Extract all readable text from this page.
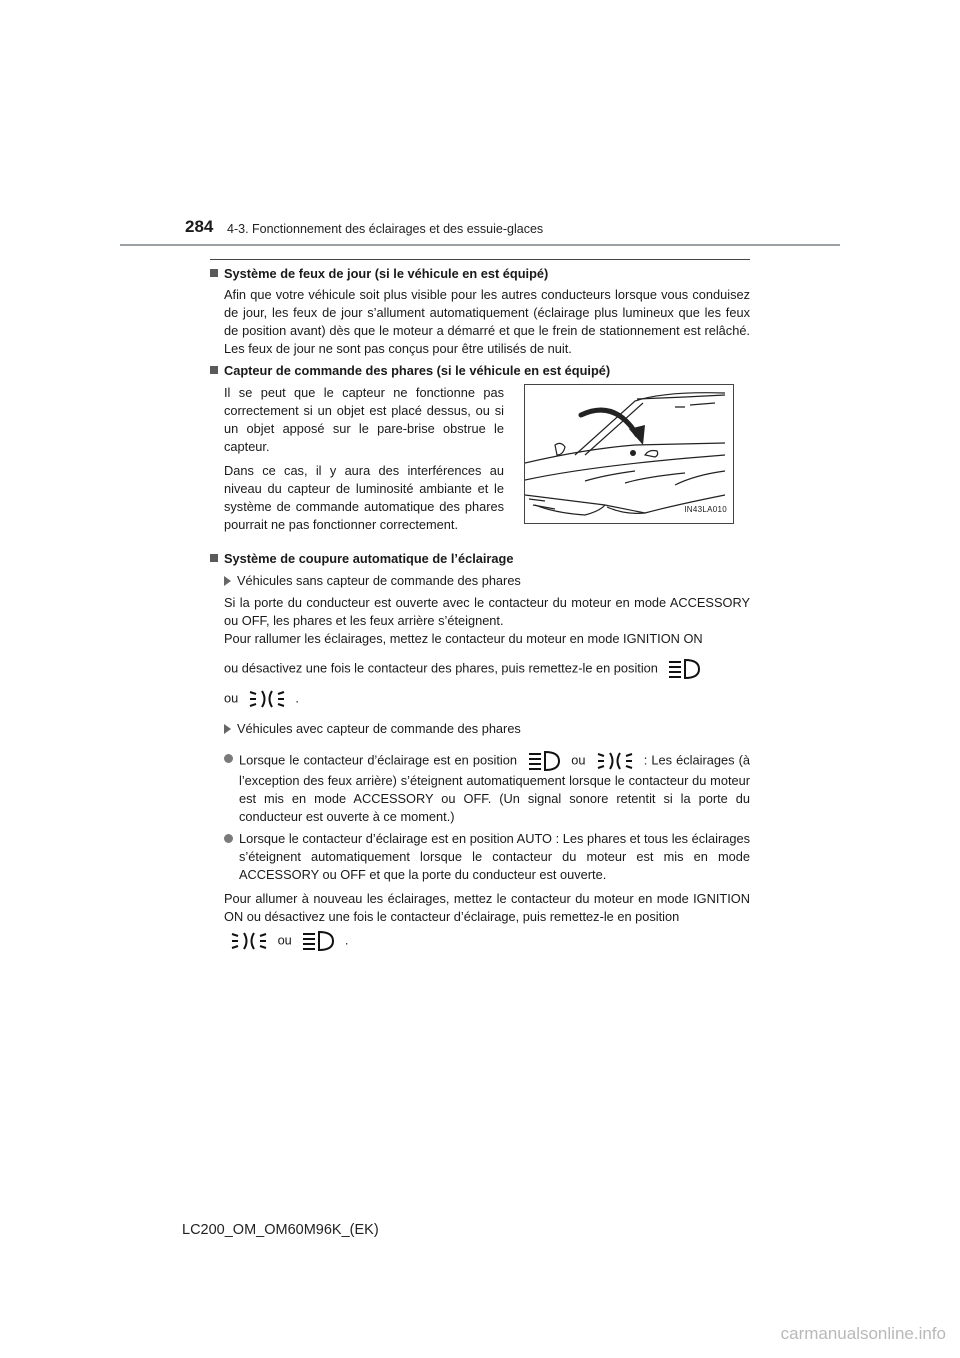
284 4-3. Fonctionnement des éclairages et des essuie-glaces
Système de feux de jour (si le véhicule en est équipé)

Afin que votre véhicule soit plus visible pour les autres conducteurs lorsque vous conduisez de jour, les feux de jour s’allument automatiquement (éclairage plus lumineux que les feux de position avant) dès que le moteur a démarré et que le frein de stationnement est relâché. Les feux de jour ne sont pas conçus pour être utilisés de nuit.

Capteur de commande des phares (si le véhicule en est équipé)

Il se peut que le capteur ne fonctionne pas correctement si un objet est placé dessus, ou si un objet apposé sur le pare-brise obstrue le capteur.

Dans ce cas, il y aura des interférences au niveau du capteur de luminosité ambiante et le système de commande automatique des phares pourrait ne pas fonctionner correctement.

IN43LA010
Système de coupure automatique de l’éclairage
Véhicules sans capteur de commande des phares

Si la porte du conducteur est ouverte avec le contacteur du moteur en mode ACCESSORY ou OFF, les phares et les feux arrière s’éteignent.

Pour rallumer les éclairages, mettez le contacteur du moteur en mode IGNITION ON

ou désactivez une fois le contacteur des phares, puis remettez-le en position
ou	.
Véhicules avec capteur de commande des phares
Lorsque le contacteur d’éclairage est en position	ou	: Les éclairages (à l’exception des feux arrière) s’éteignent automatiquement lorsque le contacteur du moteur est mis en mode ACCESSORY ou OFF. (Un signal sonore retentit si la porte du conducteur est ouverte à ce moment.)
Lorsque le contacteur d’éclairage est en position AUTO : Les phares et tous les éclairages s’éteignent automatiquement lorsque le contacteur du moteur est mis en mode ACCESSORY ou OFF et que la porte du conducteur est ouverte.

Pour allumer à nouveau les éclairages, mettez le contacteur du moteur en mode IGNITION ON ou désactivez une fois le contacteur d’éclairage, puis remettez-le en position

ou	.
LC200_OM_OM60M96K_(EK)
carmanualsonline.info
